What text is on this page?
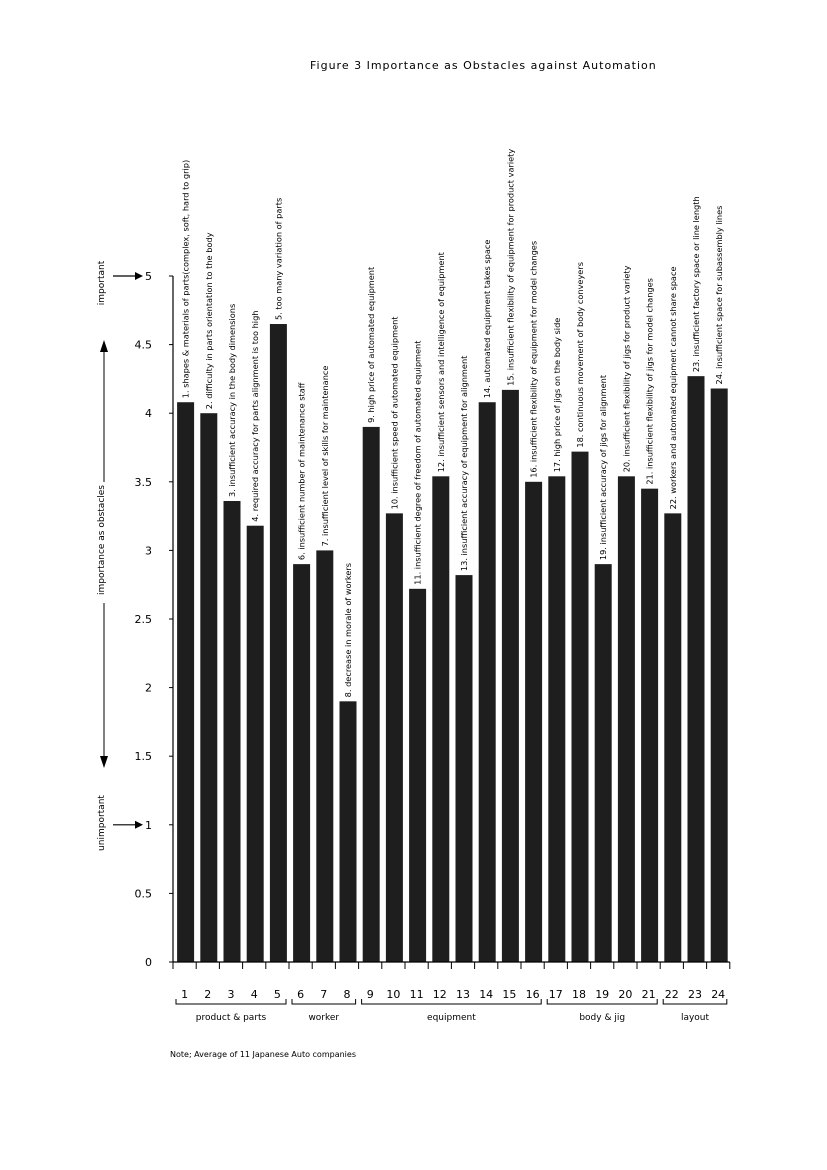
Figure 3 Importance as Obstacles against Automation
0
0.5
1
1.5
2
2.5
3
3.5
4
4.5
5
importance as obstacles
important
unimportant
1. shapes & materials of parts(complex, soft, hard to grip) 2. difficulty in parts orientation to the body 3. insufficient accuracy in the body dimensions 4. required accuracy for parts alignment is too high
5. too many variation of parts
6. insufficient number of maintenance staff 7. insufficient level of skills for maintenance
8. decrease in morale of workers
9. high price of automated equipment 10. insufficient speed of automated equipment 11. insufficient degree of freedom of automated equipment 12. insufficient sensors and intelligence of equipment 13. insufficient accuracy of equipment for alignment
14. automated equipment takes space 15. insufficient flexibility of equipment for product variety 16. insufficient flexibility of equipment for model changes 17. high price of jigs on the body side 18. continuous movement of body conveyers
19. insufficient accuracy of jigs for alignment 20. insufficient flexibility of jigs for product variety 21. insufficient flexibility of jigs for model changes 22. workers and automated equipment cannot share space 23. insufficient factory space or line length 24. insufficient space for subassembly lines
1 2 3 4 5 6 7 8 9 10 11 12 13 14 15 16 17 18 19 20 21 22 23 24
product & parts	worker	equipment	body & jig	layout
Note; Average of 11 Japanese Auto companies
